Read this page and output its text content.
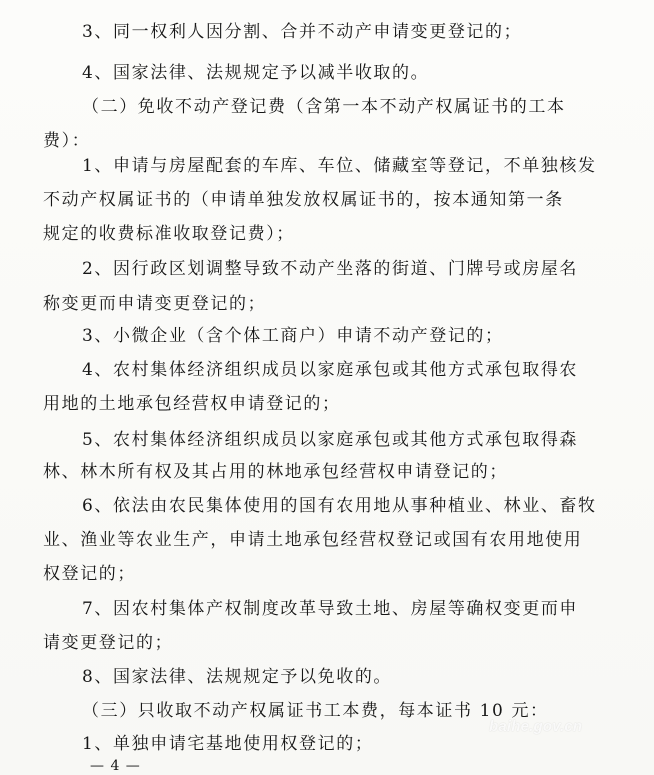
3、同一权利人因分割、合并不动产申请变更登记的；
4、国家法律、法规规定予以减半收取的。
（二）免收不动产登记费（含第一本不动产权属证书的工本
费）：
1、申请与房屋配套的车库、车位、储藏室等登记，不单独核发
不动产权属证书的（申请单独发放权属证书的，按本通知第一条
规定的收费标准收取登记费）；
2、因行政区划调整导致不动产坐落的街道、门牌号或房屋名
称变更而申请变更登记的；
3、小微企业（含个体工商户）申请不动产登记的；
4、农村集体经济组织成员以家庭承包或其他方式承包取得农
用地的土地承包经营权申请登记的；
5、农村集体经济组织成员以家庭承包或其他方式承包取得森
林、林木所有权及其占用的林地承包经营权申请登记的；
6、依法由农民集体使用的国有农用地从事种植业、林业、畜牧
业、渔业等农业生产，申请土地承包经营权登记或国有农用地使用
权登记的；
7、因农村集体产权制度改革导致土地、房屋等确权变更而申
请变更登记的；
8、国家法律、法规规定予以免收的。
（三）只收取不动产权属证书工本费，每本证书 10 元：
1、单独申请宅基地使用权登记的；
baihe.gov.cn
— 4 —
